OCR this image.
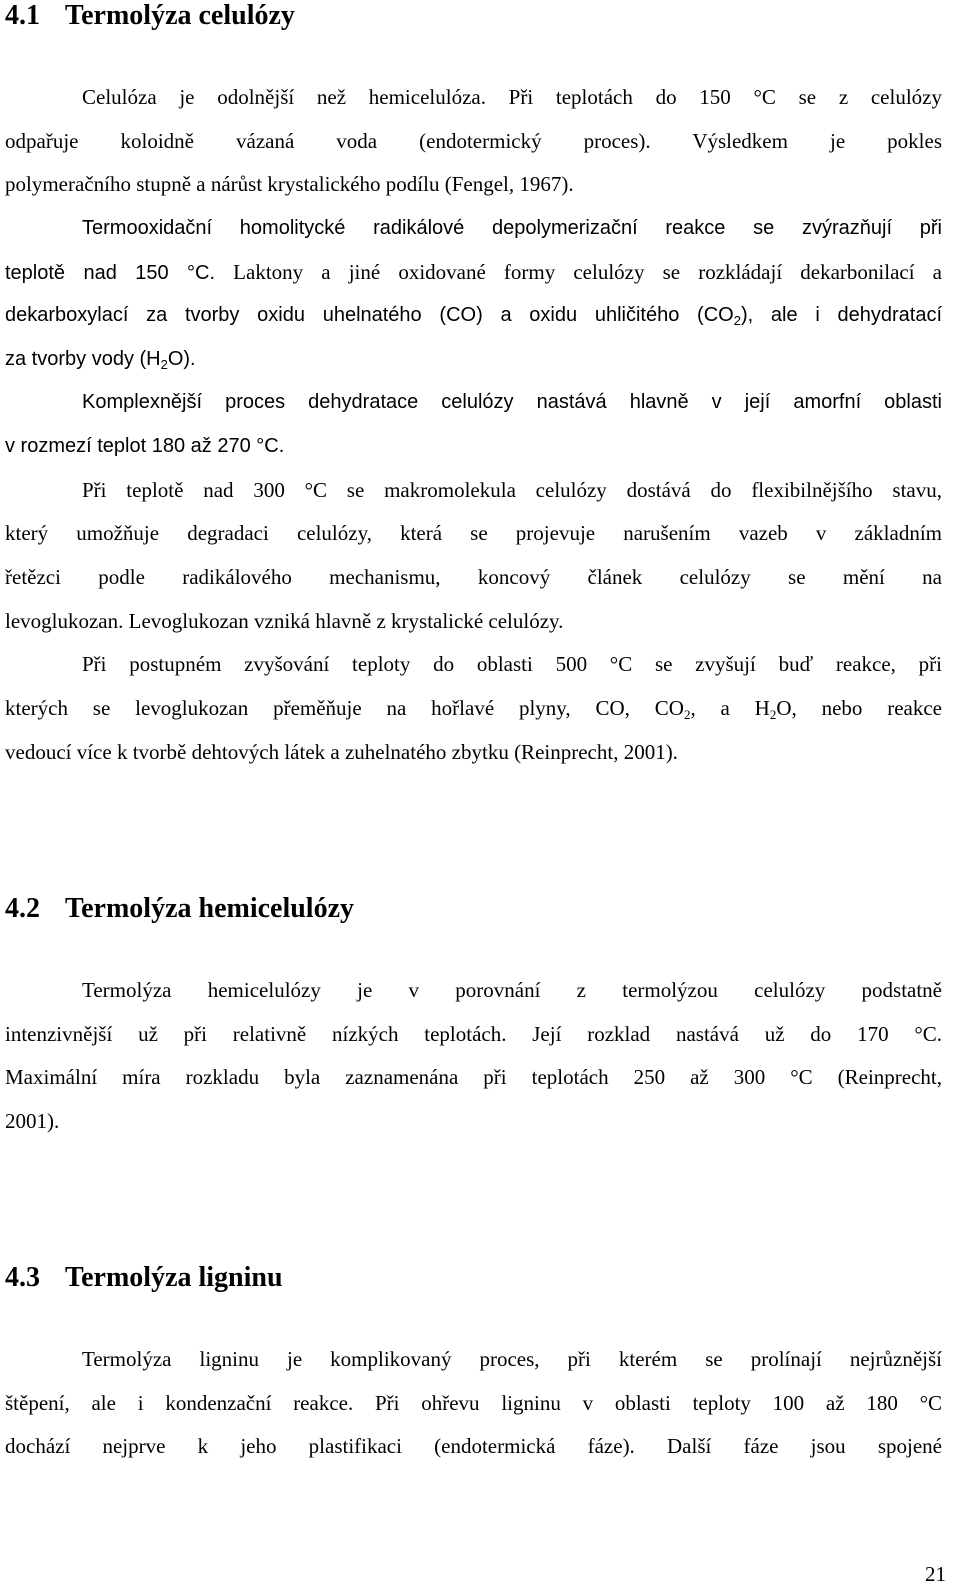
4.1 Termolýza celulózy
Celulóza je odolnější než hemicelulóza. Při teplotách do 150 °C se z celulózy
odpařuje koloidně vázaná voda (endotermický proces). Výsledkem je pokles
polymeračního stupně a nárůst krystalického podílu (Fengel, 1967).
Termooxidační homolitycké radikálové depolymerizační reakce se zvýrazňují při
teplotě nad 150 °C. Laktony a jiné oxidované formy celulózy se rozkládají dekarbonilací a
dekarboxylací za tvorby oxidu uhelnatého (CO) a oxidu uhličitého $(CO_2)$, ale i dehydratací
za tvorby vody $(H_2O)$.
Komplexnější proces dehydratace celulózy nastává hlavně v její amorfní oblasti
v rozmezí teplot 180 až 270 °C.
Při teplotě nad 300 °C se makromolekula celulózy dostává do flexibilnějšího stavu,
který umožňuje degradaci celulózy, která se projevuje narušením vazeb v základním
řetězci podle radikálového mechanismu, koncový článek celulózy se mění na
levoglukozan. Levoglukozan vzniká hlavně z krystalické celulózy.
Při postupném zvyšování teploty do oblasti 500 °C se zvyšují buď reakce, při
kterých se levoglukozan přeměňuje na hořlavé plyny, CO, $CO_2$, a $H_2O$, nebo reakce
vedoucí více k tvorbě dehtových látek a zuhelnatého zbytku (Reinprecht, 2001).
4.2 Termolýza hemicelulózy
Termolýza hemicelulózy je v porovnání z termolýzou celulózy podstatně
intenzivnější už při relativně nízkých teplotách. Její rozklad nastává už do 170 °C.
Maximální míra rozkladu byla zaznamenána při teplotách 250 až 300 °C (Reinprecht,
2001).
4.3 Termolýza ligninu
Termolýza ligninu je komplikovaný proces, při kterém se prolínají nejrůznější
štěpení, ale i kondenzační reakce. Při ohřevu ligninu v oblasti teploty 100 až 180 °C
dochází nejprve k jeho plastifikaci (endotermická fáze). Další fáze jsou spojené
21
